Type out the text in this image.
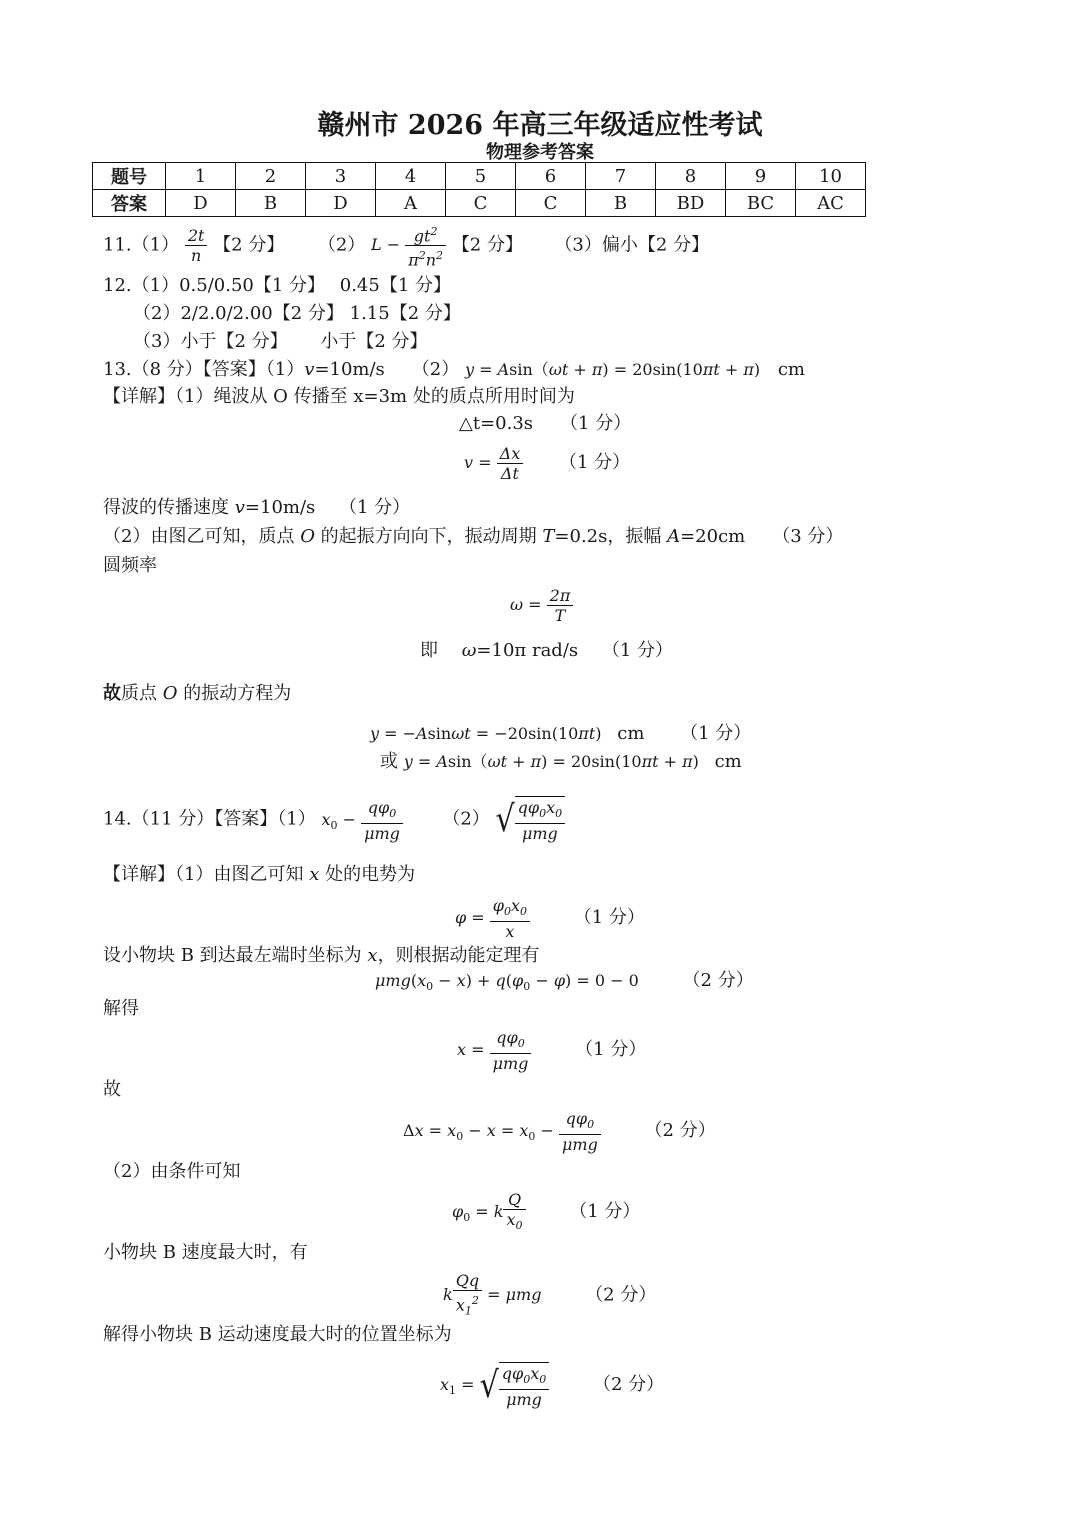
赣州市 2026 年高三年级适应性考试
物理参考答案
题号	1	2	3	4	5	6	7	8	9	10
答案	D	B	D	A	C	C	B	BD	BC	AC
$11.(1) \frac{2t}{n}$ 【2 分】 （2） $L - \frac{gt^2}{\pi^2n^2}$ 【2 分】 （3）偏小【2 分】
12.（1）0.5/0.50【1 分】　 0.45【1 分】
（2）2/2.0/2.00【2 分】 1.15【2 分】
（3）小于【2 分】　　 小于【2 分】
13.（8 分）【答案】（1）v=10m/s　　（2） y = Asin（ωt + π) = 20sin(10πt + π) cm
【详解】（1）绳波从 O 传播至 x=3m 处的质点所用时间为
△t=0.3s　　（1 分）
$v = \frac{\Delta x}{\Delta t} (1$ 分）
得波的传播速度 v=10m/s　 （1 分）
（2）由图乙可知，质点 O 的起振方向向下，振动周期 T=0.2s，振幅 A=20cm　　（3 分）
圆频率
$\omega = \frac{2\pi}{T}$
即　 ω=10π rad/s　 （1 分）
故质点 O 的振动方程为
y = −Asinωt = −20sin(10πt) cm （1 分）
或 y = Asin（ωt + π) = 20sin(10πt + π) cm
14.（11 分）【答案】（1） $x_0 - \frac{q\varphi_0}{\text{μmg}} (2)$ √ $\frac{q\varphi_0x_0}{\text{μmg}}$
【详解】（1）由图乙可知 x 处的电势为
$\varphi = \frac{\varphi_0x_0}{x} (1$ 分）
设小物块 B 到达最左端时坐标为 x，则根据动能定理有
$\mu mg(x_0 - x) + q(\varphi_0 - \varphi) = 0 - 0$ （2 分）
解得
$x = \frac{q\varphi_0}{\text{μmg}} (1$ 分）
故
$\Delta x = x_0 - x = x_0 - \frac{q\varphi_0}{\text{μmg}} (2$ 分）
（2）由条件可知
$\varphi_0 = k \frac{Q}{x_0} (1$ 分）
小物块 B 速度最大时，有
k $\frac{Qq}{x_1^2} = \mu mg$ （2 分）
解得小物块 B 运动速度最大时的位置坐标为
$x_1$ = √ $\frac{q\varphi_0x_0}{\text{μmg}} (2$ 分）
